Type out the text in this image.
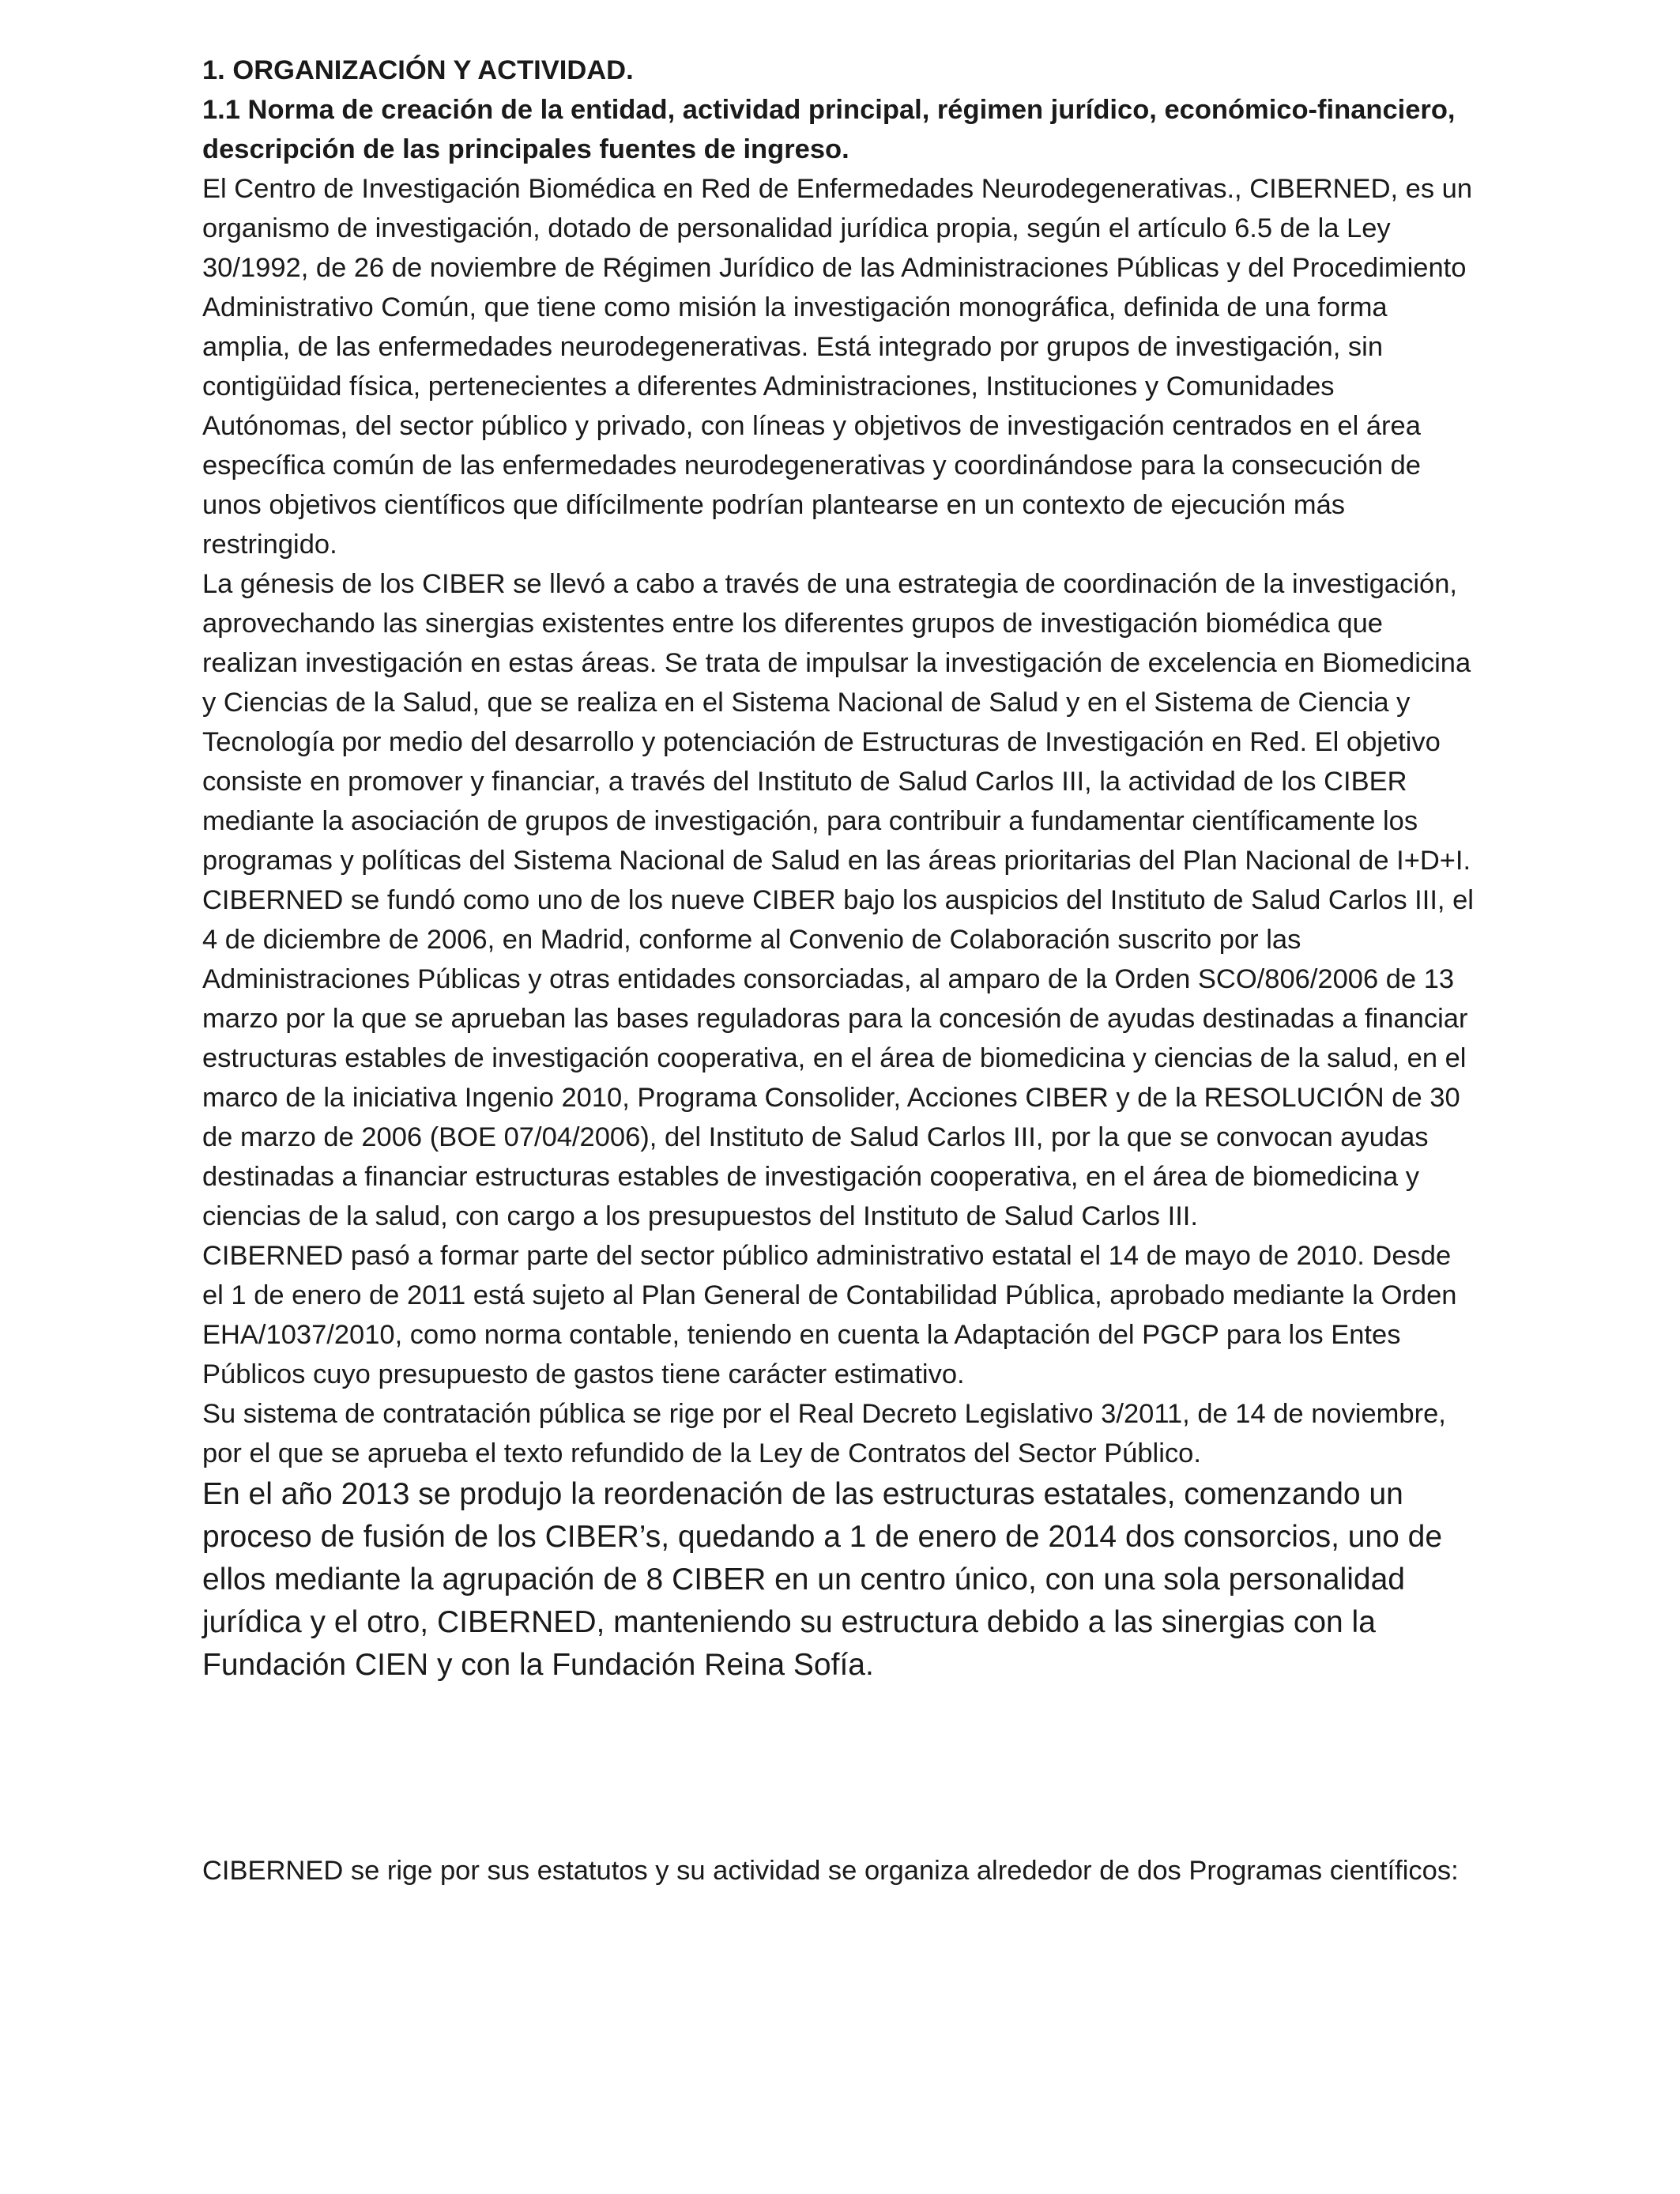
1. ORGANIZACIÓN Y ACTIVIDAD.

1.1 Norma de creación de la entidad, actividad principal, régimen jurídico, económico-financiero, descripción de las principales fuentes de ingreso.

El Centro de Investigación Biomédica en Red de Enfermedades Neurodegenerativas., CIBERNED, es un organismo de investigación, dotado de personalidad jurídica propia, según el artículo 6.5 de la Ley 30/1992, de 26 de noviembre de Régimen Jurídico de las Administraciones Públicas y del Procedimiento Administrativo Común, que tiene como misión la investigación monográfica, definida de una forma amplia, de las enfermedades neurodegenerativas. Está integrado por grupos de investigación, sin contigüidad física, pertenecientes a diferentes Administraciones, Instituciones y Comunidades Autónomas, del sector público y privado, con líneas y objetivos de investigación centrados en el área específica común de las enfermedades neurodegenerativas y coordinándose para la consecución de unos objetivos científicos que difícilmente podrían plantearse en un contexto de ejecución más restringido.

La génesis de los CIBER se llevó a cabo a través de una estrategia de coordinación de la investigación, aprovechando las sinergias existentes entre los diferentes grupos de investigación biomédica que realizan investigación en estas áreas. Se trata de impulsar la investigación de excelencia en Biomedicina y Ciencias de la Salud, que se realiza en el Sistema Nacional de Salud y en el Sistema de Ciencia y Tecnología por medio del desarrollo y potenciación de Estructuras de Investigación en Red. El objetivo consiste en promover y financiar, a través del Instituto de Salud Carlos III, la actividad de los CIBER mediante la asociación de grupos de investigación, para contribuir a fundamentar científicamente los programas y políticas del Sistema Nacional de Salud en las áreas prioritarias del Plan Nacional de I+D+I.

CIBERNED se fundó como uno de los nueve CIBER bajo los auspicios del Instituto de Salud Carlos III, el 4 de diciembre de 2006, en Madrid, conforme al Convenio de Colaboración suscrito por las Administraciones Públicas y otras entidades consorciadas, al amparo de la Orden SCO/806/2006 de 13 marzo por la que se aprueban las bases reguladoras para la concesión de ayudas destinadas a financiar estructuras estables de investigación cooperativa, en el área de biomedicina y ciencias de la salud, en el marco de la iniciativa Ingenio 2010, Programa Consolider, Acciones CIBER y de la RESOLUCIÓN de 30 de marzo de 2006 (BOE 07/04/2006), del Instituto de Salud Carlos III, por la que se convocan ayudas destinadas a financiar estructuras estables de investigación cooperativa, en el área de biomedicina y ciencias de la salud, con cargo a los presupuestos del Instituto de Salud Carlos III.

CIBERNED pasó a formar parte del sector público administrativo estatal el 14 de mayo de 2010. Desde el 1 de enero de 2011 está sujeto al Plan General de Contabilidad Pública, aprobado mediante la Orden EHA/1037/2010, como norma contable, teniendo en cuenta la Adaptación del PGCP para los Entes Públicos cuyo presupuesto de gastos tiene carácter estimativo.

Su sistema de contratación pública se rige por el Real Decreto Legislativo 3/2011, de 14 de noviembre, por el que se aprueba el texto refundido de la Ley de Contratos del Sector Público.

En el año 2013 se produjo la reordenación de las estructuras estatales, comenzando un proceso de fusión de los CIBER’s, quedando a 1 de enero de 2014 dos consorcios, uno de ellos mediante la agrupación de 8 CIBER en un centro único, con una sola personalidad jurídica y el otro, CIBERNED, manteniendo su estructura debido a las sinergias con la Fundación CIEN y con la Fundación Reina Sofía.

CIBERNED se rige por sus estatutos y su actividad se organiza alrededor de dos Programas científicos:
